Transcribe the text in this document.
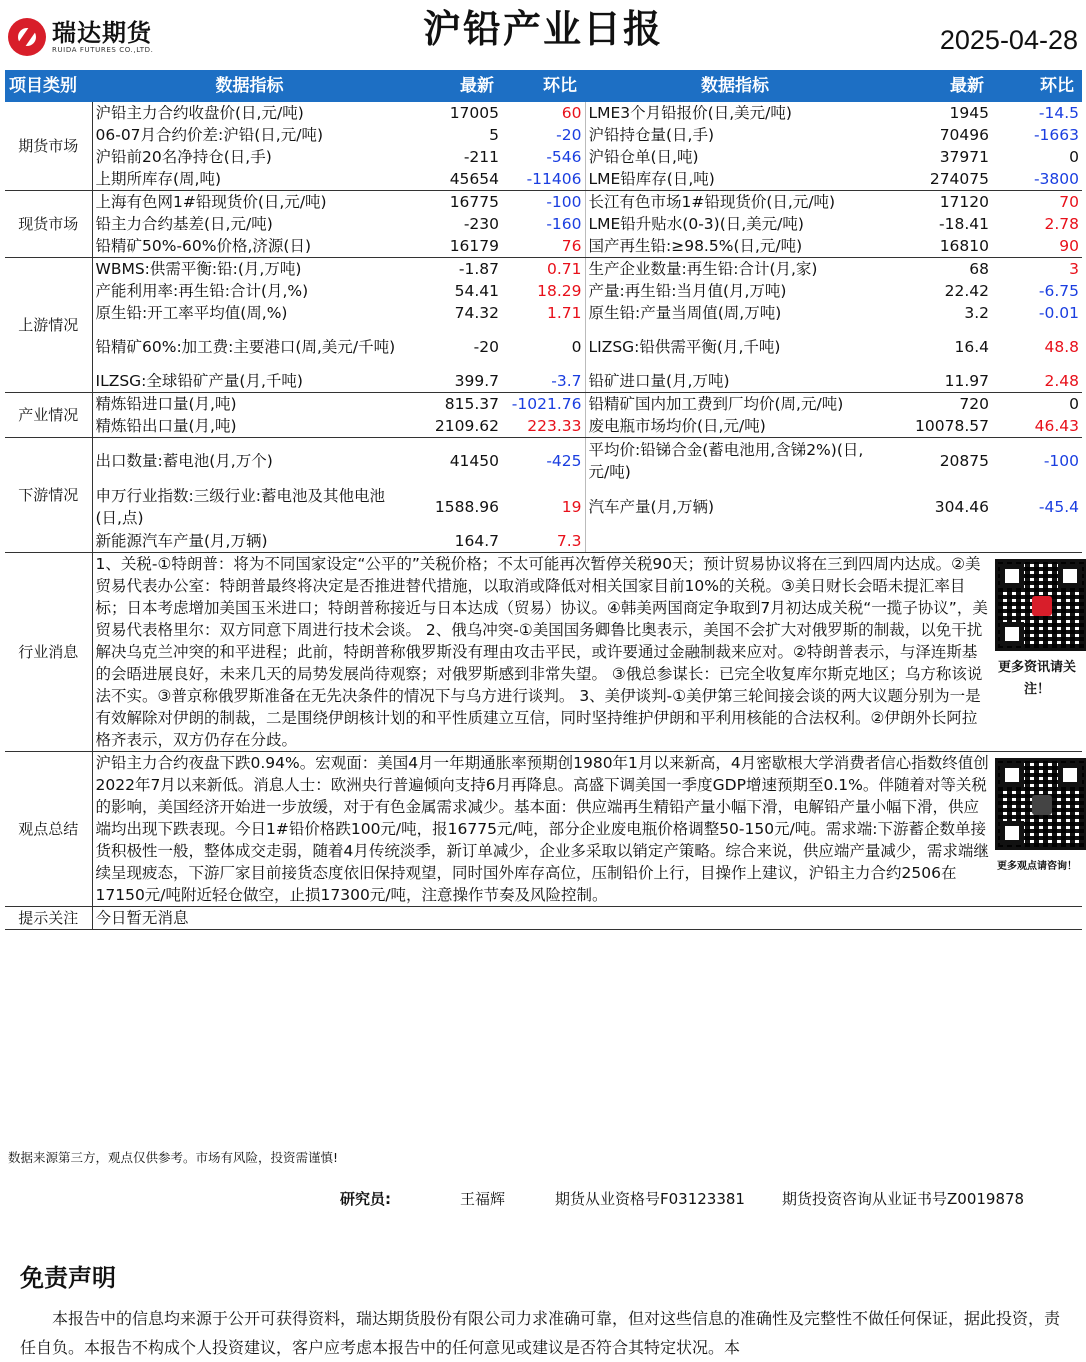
瑞达期货
RUIDA FUTURES CO.,LTD.	沪铅产业日报	2025-04-28
项目类别	数据指标	最新	环比	数据指标	最新	环比
期货市场	沪铅主力合约收盘价(日,元/吨)	17005	60	LME3个月铅报价(日,美元/吨)	1945	-14.5
	06-07月合约价差:沪铅(日,元/吨)	5	-20	沪铅持仓量(日,手)	70496	-1663
	沪铅前20名净持仓(日,手)	-211	-546	沪铅仓单(日,吨)	37971	0
	上期所库存(周,吨)	45654	-11406	LME铅库存(日,吨)	274075	-3800
现货市场	上海有色网1#铅现货价(日,元/吨)	16775	-100	长江有色市场1#铅现货价(日,元/吨)	17120	70
	铅主力合约基差(日,元/吨)	-230	-160	LME铅升贴水(0-3)(日,美元/吨)	-18.41	2.78
	铅精矿50%-60%价格,济源(日)	16179	76	国产再生铅:≥98.5%(日,元/吨)	16810	90
上游情况	WBMS:供需平衡:铅:(月,万吨)	-1.87	0.71	生产企业数量:再生铅:合计(月,家)	68	3
	产能利用率:再生铅:合计(月,%)	54.41	18.29	产量:再生铅:当月值(月,万吨)	22.42	-6.75
	原生铅:开工率平均值(周,%)	74.32	1.71	原生铅:产量当周值(周,万吨)	3.2	-0.01
	铅精矿60%:加工费:主要港口(周,美元/千吨)	-20	0	LIZSG:铅供需平衡(月,千吨)	16.4	48.8
	ILZSG:全球铅矿产量(月,千吨)	399.7	-3.7	铅矿进口量(月,万吨)	11.97	2.48
产业情况	精炼铅进口量(月,吨)	815.37	-1021.76	铅精矿国内加工费到厂均价(周,元/吨)	720	0
	精炼铅出口量(月,吨)	2109.62	223.33	废电瓶市场均价(日,元/吨)	10078.57	46.43
下游情况	出口数量:蓄电池(月,万个)	41450	-425	平均价:铅锑合金(蓄电池用,含锑2%)(日,元/吨)	20875	-100
	申万行业指数:三级行业:蓄电池及其他电池(日,点)	1588.96	19	汽车产量(月,万辆)	304.46	-45.4
	新能源汽车产量(月,万辆)	164.7	7.3			
行业消息	1、关税-①特朗普：将为不同国家设定“公平的”关税价格；不太可能再次暂停关税90天；预计贸易协议将在三到四周内达成。②美贸易代表办公室：特朗普最终将决定是否推进替代措施，以取消或降低对相关国家目前10%的关税。③美日财长会晤未提汇率目标；日本考虑增加美国玉米进口；特朗普称接近与日本达成（贸易）协议。④韩美两国商定争取到7月初达成关税“一揽子协议”，美贸易代表格里尔：双方同意下周进行技术会谈。 2、俄乌冲突-①美国国务卿鲁比奥表示，美国不会扩大对俄罗斯的制裁，以免干扰解决乌克兰冲突的和平进程；此前，特朗普称俄罗斯没有理由攻击平民，或许要通过金融制裁来应对。②特朗普表示，与泽连斯基的会晤进展良好，未来几天的局势发展尚待观察；对俄罗斯感到非常失望。 ③俄总参谋长：已完全收复库尔斯克地区；乌方称该说法不实。③普京称俄罗斯准备在无先决条件的情况下与乌方进行谈判。 3、美伊谈判-①美伊第三轮间接会谈的两大议题分别为一是有效解除对伊朗的制裁，二是围绕伊朗核计划的和平性质建立互信，同时坚持维护伊朗和平利用核能的合法权利。②伊朗外长阿拉格齐表示，双方仍存在分歧。					更多资讯请关注！

观点总结	沪铅主力合约夜盘下跌0.94%。宏观面：美国4月一年期通胀率预期创1980年1月以来新高，4月密歇根大学消费者信心指数终值创2022年7月以来新低。消息人士：欧洲央行普遍倾向支持6月再降息。高盛下调美国一季度GDP增速预期至0.1%。伴随着对等关税的影响，美国经济开始进一步放缓，对于有色金属需求减少。基本面：供应端再生精铅产量小幅下滑，电解铅产量小幅下滑，供应端均出现下跌表现。今日1#铅价格跌100元/吨，报16775元/吨，部分企业废电瓶价格调整50-150元/吨。需求端:下游蓄企数单接货积极性一般，整体成交走弱，随着4月传统淡季，新订单减少，企业多采取以销定产策略。综合来说，供应端产量减少，需求端继续呈现疲态，下游厂家目前接货态度依旧保持观望，同时国外库存高位，压制铅价上行，目操作上建议，沪铅主力合约2506在17150元/吨附近轻仓做空，止损17300元/吨，注意操作节奏及风险控制。					更多观点请咨询！

提示关注	今日暂无消息					
数据来源第三方，观点仅供参考。市场有风险，投资需谨慎!
研究员:	王福辉	期货从业资格号F03123381 期货投资咨询从业证书号Z0019878
免责声明
本报告中的信息均来源于公开可获得资料，瑞达期货股份有限公司力求准确可靠，但对这些信息的准确性及完整性不做任何保证，据此投资，责任自负。本报告不构成个人投资建议，客户应考虑本报告中的任何意见或建议是否符合其特定状况。本
